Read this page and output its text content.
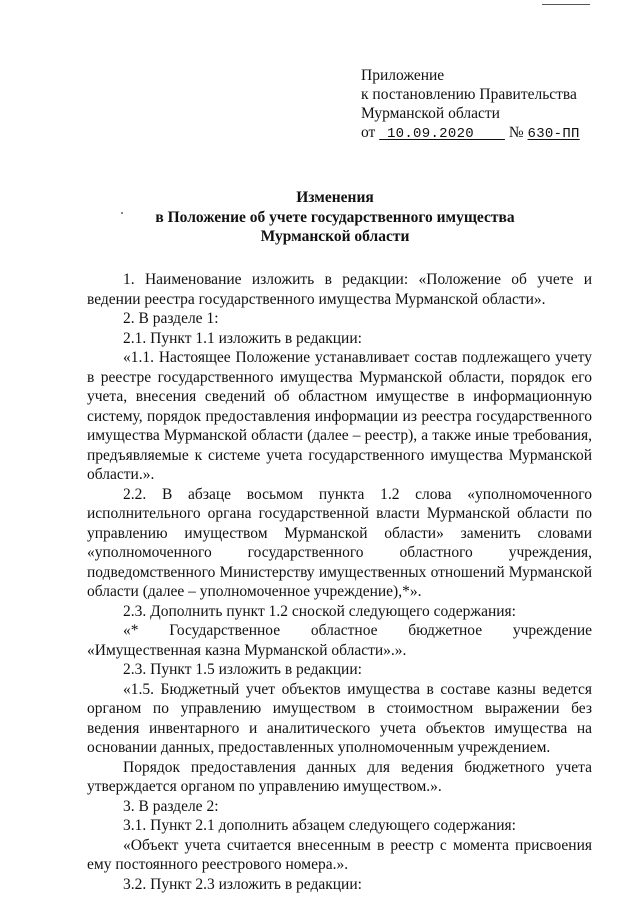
Приложение
к постановлению Правительства
Мурманской области
от 10.09.2020 № 630-ПП
Изменения
в Положение об учете государственного имущества
Мурманской области

1. Наименование изложить в редакции: «Положение об учете и ведении реестра государственного имущества Мурманской области».

2. В разделе 1:

2.1. Пункт 1.1 изложить в редакции:

«1.1. Настоящее Положение устанавливает состав подлежащего учету в реестре государственного имущества Мурманской области, порядок его учета, внесения сведений об областном имуществе в информационную систему, порядок предоставления информации из реестра государственного имущества Мурманской области (далее – реестр), а также иные требования, предъявляемые к системе учета государственного имущества Мурманской области.».

2.2. В абзаце восьмом пункта 1.2 слова «уполномоченного исполнительного органа государственной власти Мурманской области по управлению имуществом Мурманской области» заменить словами «уполномоченного государственного областного учреждения, подведомственного Министерству имущественных отношений Мурманской области (далее – уполномоченное учреждение),*».

2.3. Дополнить пункт 1.2 сноской следующего содержания:

«* Государственное областное бюджетное учреждение «Имущественная казна Мурманской области».».

2.3. Пункт 1.5 изложить в редакции:

«1.5. Бюджетный учет объектов имущества в составе казны ведется органом по управлению имуществом в стоимостном выражении без ведения инвентарного и аналитического учета объектов имущества на основании данных, предоставленных уполномоченным учреждением.

Порядок предоставления данных для ведения бюджетного учета утверждается органом по управлению имуществом.».

3. В разделе 2:

3.1. Пункт 2.1 дополнить абзацем следующего содержания:

«Объект учета считается внесенным в реестр с момента присвоения ему постоянного реестрового номера.».

3.2. Пункт 2.3 изложить в редакции:
